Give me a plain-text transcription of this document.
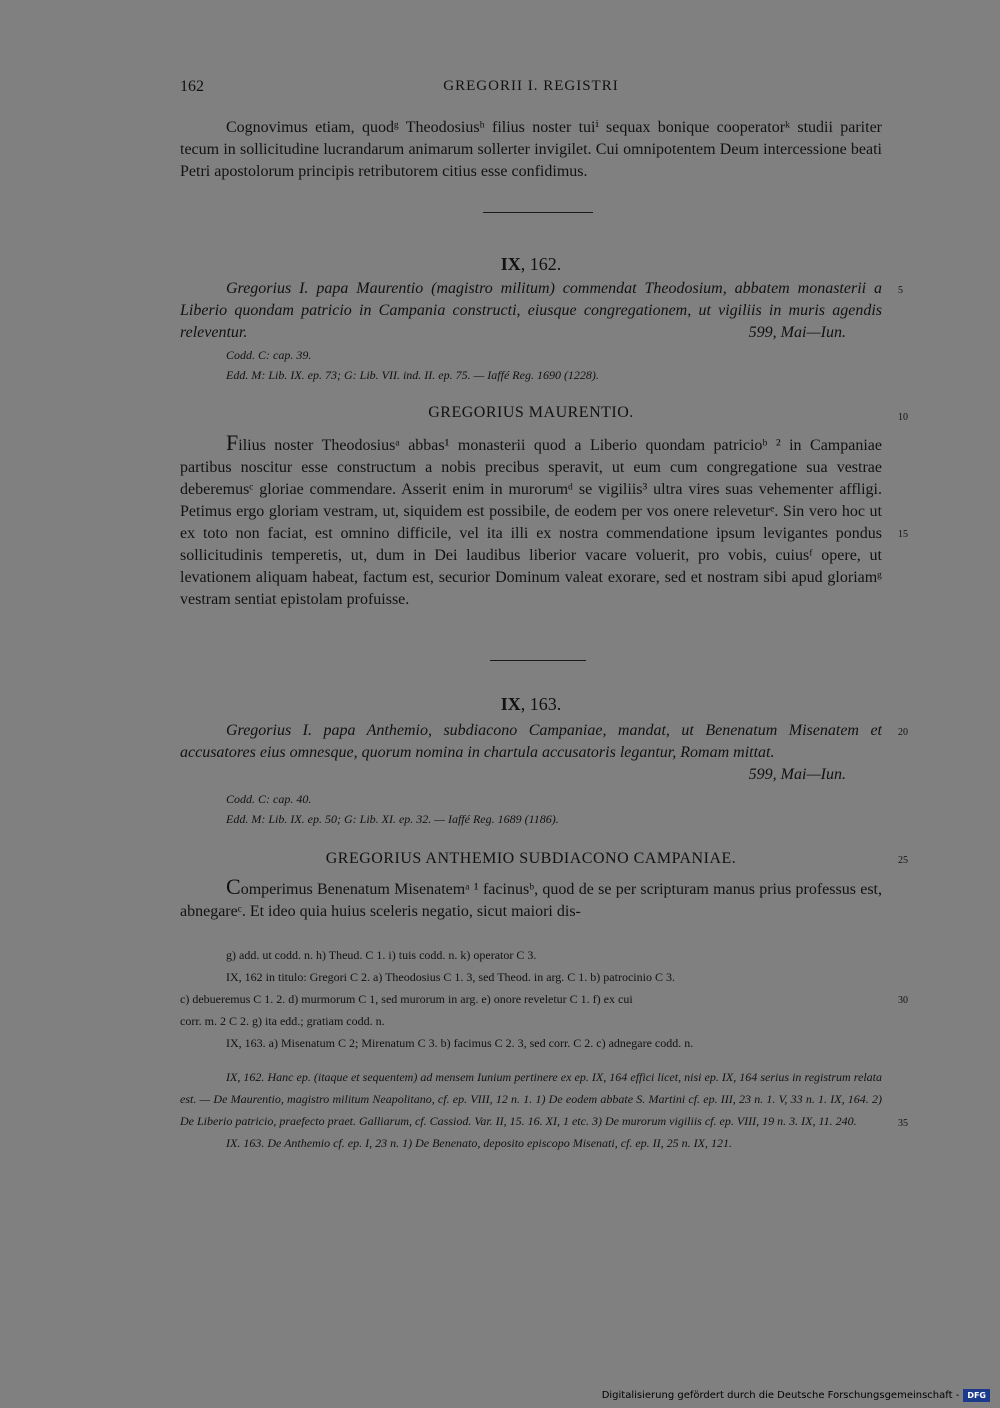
162	GREGORII I. REGISTRI
Cognovimus etiam, quodᵍ Theodosiusʰ filius noster tuiⁱ sequax bonique cooperatorᵏ studii pariter tecum in sollicitudine lucrandarum animarum sollerter invigilet. Cui omnipotentem Deum intercessione beati Petri apostolorum principis retributorem citius esse confidimus.
IX, 162.
Gregorius I. papa Maurentio (magistro militum) commendat Theodosium, abbatem monasterii a Liberio quondam patricio in Campania constructi, eiusque congregationem, ut vigiliis in muris agendis releventur.	599, Mai—Iun.
Codd. C: cap. 39.
Edd. M: Lib. IX. ep. 73; G: Lib. VII. ind. II. ep. 75. — Iaffé Reg. 1690 (1228).
GREGORIUS MAURENTIO.
Filius noster Theodosiusᵃ abbas¹ monasterii quod a Liberio quondam patricioᵇ ² in Campaniae partibus noscitur esse constructum a nobis precibus speravit, ut eum cum congregatione sua vestrae deberemusᶜ gloriae commendare. Asserit enim in murorumᵈ se vigiliis³ ultra vires suas vehementer affligi. Petimus ergo gloriam vestram, ut, siquidem est possibile, de eodem per vos onere releveturᵉ. Sin vero hoc ut ex toto non faciat, est omnino difficile, vel ita illi ex nostra commendatione ipsum levigantes pondus sollicitudinis temperetis, ut, dum in Dei laudibus liberior vacare voluerit, pro vobis, cuiusᶠ opere, ut levationem aliquam habeat, factum est, securior Dominum valeat exorare, sed et nostram sibi apud gloriamᵍ vestram sentiat epistolam profuisse.
IX, 163.
Gregorius I. papa Anthemio, subdiacono Campaniae, mandat, ut Benenatum Misenatem et accusatores eius omnesque, quorum nomina in chartula accusatoris legantur, Romam mittat.
599, Mai—Iun.
Codd. C: cap. 40.
Edd. M: Lib. IX. ep. 50; G: Lib. XI. ep. 32. — Iaffé Reg. 1689 (1186).
GREGORIUS ANTHEMIO SUBDIACONO CAMPANIAE.
Comperimus Benenatum Misenatemᵃ ¹ facinusᵇ, quod de se per scripturam manus prius professus est, abnegareᶜ. Et ideo quia huius sceleris negatio, sicut maiori dis-
5
10
15
20
25
30
35
g) add. ut codd. n. h) Theud. C 1. i) tuis codd. n. k) operator C 3.
IX, 162 in titulo: Gregori C 2. a) Theodosius C 1. 3, sed Theod. in arg. C 1. b) patrocinio C 3.
c) debueremus C 1. 2. d) murmorum C 1, sed murorum in arg. e) onore reveletur C 1. f) ex cui
corr. m. 2 C 2. g) ita edd.; gratiam codd. n.
IX, 163. a) Misenatum C 2; Mirenatum C 3. b) facimus C 2. 3, sed corr. C 2. c) adnegare codd. n.
IX, 162. Hanc ep. (itaque et sequentem) ad mensem Iunium pertinere ex ep. IX, 164 effici licet, nisi ep. IX, 164 serius in registrum relata est. — De Maurentio, magistro militum Neapolitano, cf. ep. VIII, 12 n. 1. 1) De eodem abbate S. Martini cf. ep. III, 23 n. 1. V, 33 n. 1. IX, 164. 2) De Liberio patricio, praefecto praet. Galliarum, cf. Cassiod. Var. II, 15. 16. XI, 1 etc. 3) De murorum vigiliis cf. ep. VIII, 19 n. 3. IX, 11. 240.
IX. 163. De Anthemio cf. ep. I, 23 n. 1) De Benenato, deposito episcopo Misenati, cf. ep. II, 25 n. IX, 121.
Digitalisierung gefördert durch die Deutsche Forschungsgemeinschaft -	DFG
